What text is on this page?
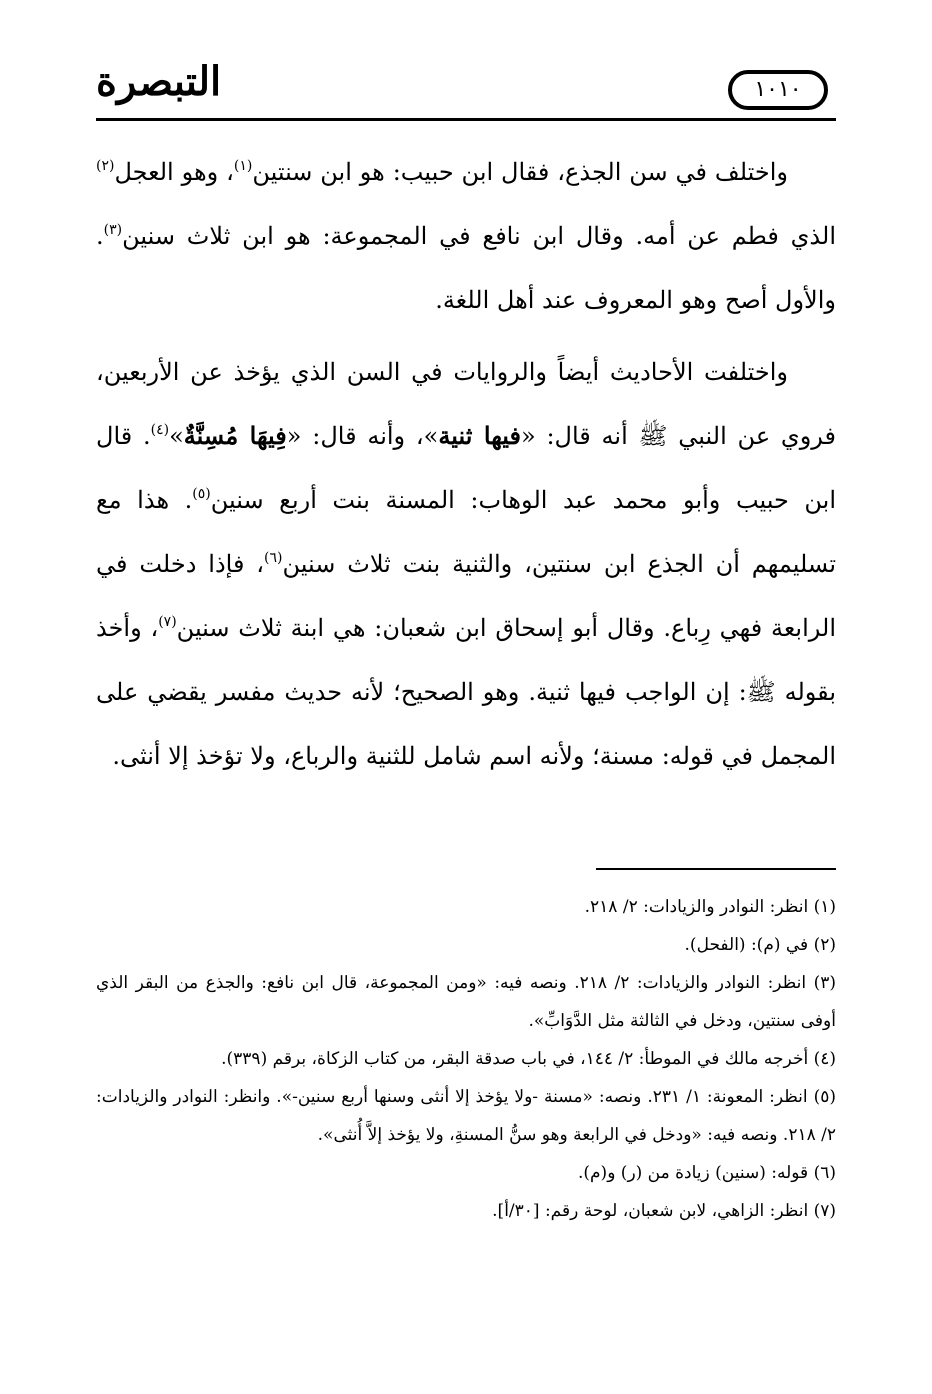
التبصرة	١٠١٠

واختلف في سن الجذع، فقال ابن حبيب: هو ابن سنتين$^{(١)}$، وهو العجل$^{(٢)}$ الذي فطم عن أمه. وقال ابن نافع في المجموعة: هو ابن ثلاث سنين$^{(٣)}$. والأول أصح وهو المعروف عند أهل اللغة.

واختلفت الأحاديث أيضاً والروايات في السن الذي يؤخذ عن الأربعين، فروي عن النبي ﷺ أنه قال: «فيها ثنية»، وأنه قال: «فِيهَا مُسِنَّةٌ»$^{(٤)}$. قال ابن حبيب وأبو محمد عبد الوهاب: المسنة بنت أربع سنين$^{(٥)}$. هذا مع تسليمهم أن الجذع ابن سنتين، والثنية بنت ثلاث سنين$^{(٦)}$، فإذا دخلت في الرابعة فهي رِباع. وقال أبو إسحاق ابن شعبان: هي ابنة ثلاث سنين$^{(٧)}$، وأخذ بقوله ﷺ: إن الواجب فيها ثنية. وهو الصحيح؛ لأنه حديث مفسر يقضي على المجمل في قوله: مسنة؛ ولأنه اسم شامل للثنية والرباع، ولا تؤخذ إلا أنثى.

(١) انظر: النوادر والزيادات: ٢/ ٢١٨.

(٢) في (م): (الفحل).

(٣) انظر: النوادر والزيادات: ٢/ ٢١٨. ونصه فيه: «ومن المجموعة، قال ابن نافع: والجذع من البقر الذي أوفى سنتين، ودخل في الثالثة مثل الدَّوَابِّ».

(٤) أخرجه مالك في الموطأ: ٢/ ١٤٤، في باب صدقة البقر، من كتاب الزكاة، برقم (٣٣٩).

(٥) انظر: المعونة: ١/ ٢٣١. ونصه: «مسنة -ولا يؤخذ إلا أنثى وسنها أربع سنين-». وانظر: النوادر والزيادات: ٢/ ٢١٨. ونصه فيه: «ودخل في الرابعة وهو سنُّ المسنةِ، ولا يؤخذ إلاَّ أُنثى».

(٦) قوله: (سنين) زيادة من (ر) و(م).

(٧) انظر: الزاهي، لابن شعبان، لوحة رقم: [٣٠/أ].
